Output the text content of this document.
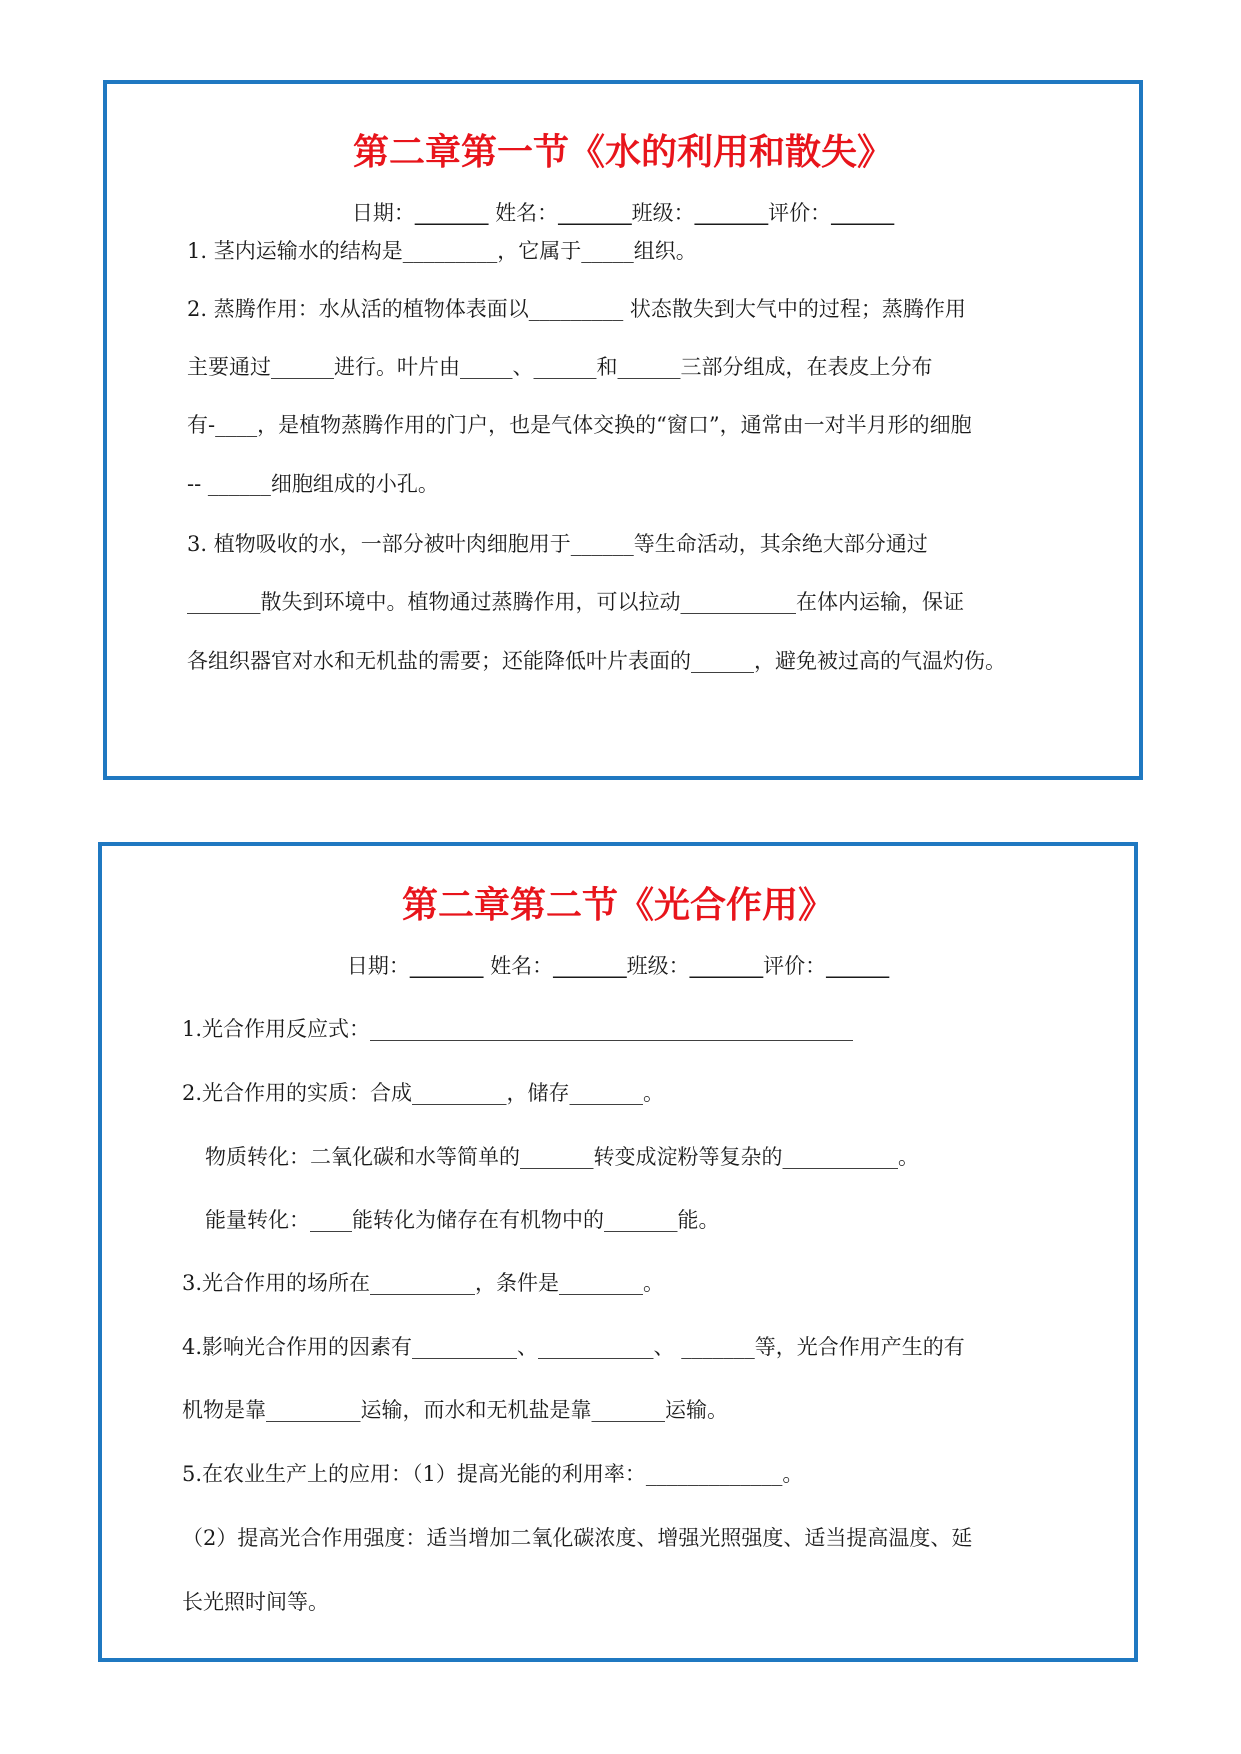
第二章第一节《水的利用和散失》
日期：_______ 姓名：_______班级：_______评价：______
1. 茎内运输水的结构是_________，它属于_____组织。
2. 蒸腾作用：水从活的植物体表面以_________ 状态散失到大气中的过程；蒸腾作用
主要通过______进行。叶片由_____、______和______三部分组成，在表皮上分布
有-____，是植物蒸腾作用的门户，也是气体交换的“窗口”，通常由一对半月形的细胞
-- ______细胞组成的小孔。
3. 植物吸收的水，一部分被叶肉细胞用于______等生命活动，其余绝大部分通过
_______散失到环境中。植物通过蒸腾作用，可以拉动___________在体内运输，保证
各组织器官对水和无机盐的需要；还能降低叶片表面的______，避免被过高的气温灼伤。
第二章第二节《光合作用》
日期：_______ 姓名：_______班级：_______评价：______
1.光合作用反应式：______________________________________________
2.光合作用的实质：合成_________，储存_______。
物质转化：二氧化碳和水等简单的_______转变成淀粉等复杂的___________。
能量转化：____能转化为储存在有机物中的_______能。
3.光合作用的场所在__________，条件是________。
4.影响光合作用的因素有__________、___________、 _______等，光合作用产生的有
机物是靠_________运输，而水和无机盐是靠_______运输。
5.在农业生产上的应用：（1）提高光能的利用率：_____________。
（2）提高光合作用强度：适当增加二氧化碳浓度、增强光照强度、适当提高温度、延
长光照时间等。
